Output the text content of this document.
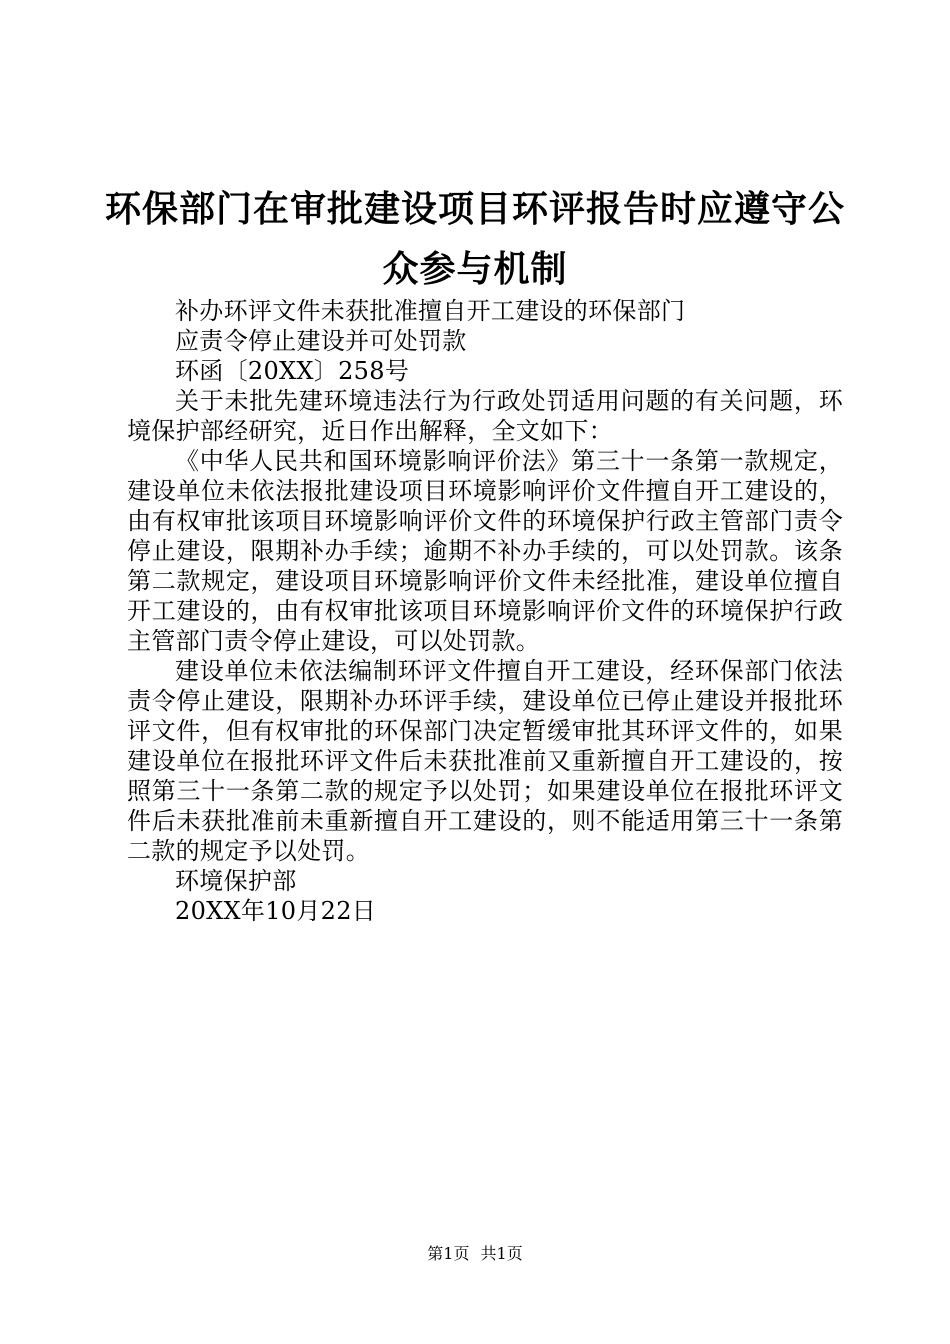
环保部门在审批建设项目环评报告时应遵守公众参与机制

补办环评文件未获批准擅自开工建设的环保部门

应责令停止建设并可处罚款

环函〔20XX〕258号

关于未批先建环境违法行为行政处罚适用问题的有关问题，环境保护部经研究，近日作出解释，全文如下：

《中华人民共和国环境影响评价法》第三十一条第一款规定，建设单位未依法报批建设项目环境影响评价文件擅自开工建设的，由有权审批该项目环境影响评价文件的环境保护行政主管部门责令停止建设，限期补办手续；逾期不补办手续的，可以处罚款。该条第二款规定，建设项目环境影响评价文件未经批准，建设单位擅自开工建设的，由有权审批该项目环境影响评价文件的环境保护行政主管部门责令停止建设，可以处罚款。

建设单位未依法编制环评文件擅自开工建设，经环保部门依法责令停止建设，限期补办环评手续，建设单位已停止建设并报批环评文件，但有权审批的环保部门决定暂缓审批其环评文件的，如果建设单位在报批环评文件后未获批准前又重新擅自开工建设的，按照第三十一条第二款的规定予以处罚；如果建设单位在报批环评文件后未获批准前未重新擅自开工建设的，则不能适用第三十一条第二款的规定予以处罚。

环境保护部

20XX年10月22日

第1页 共1页
